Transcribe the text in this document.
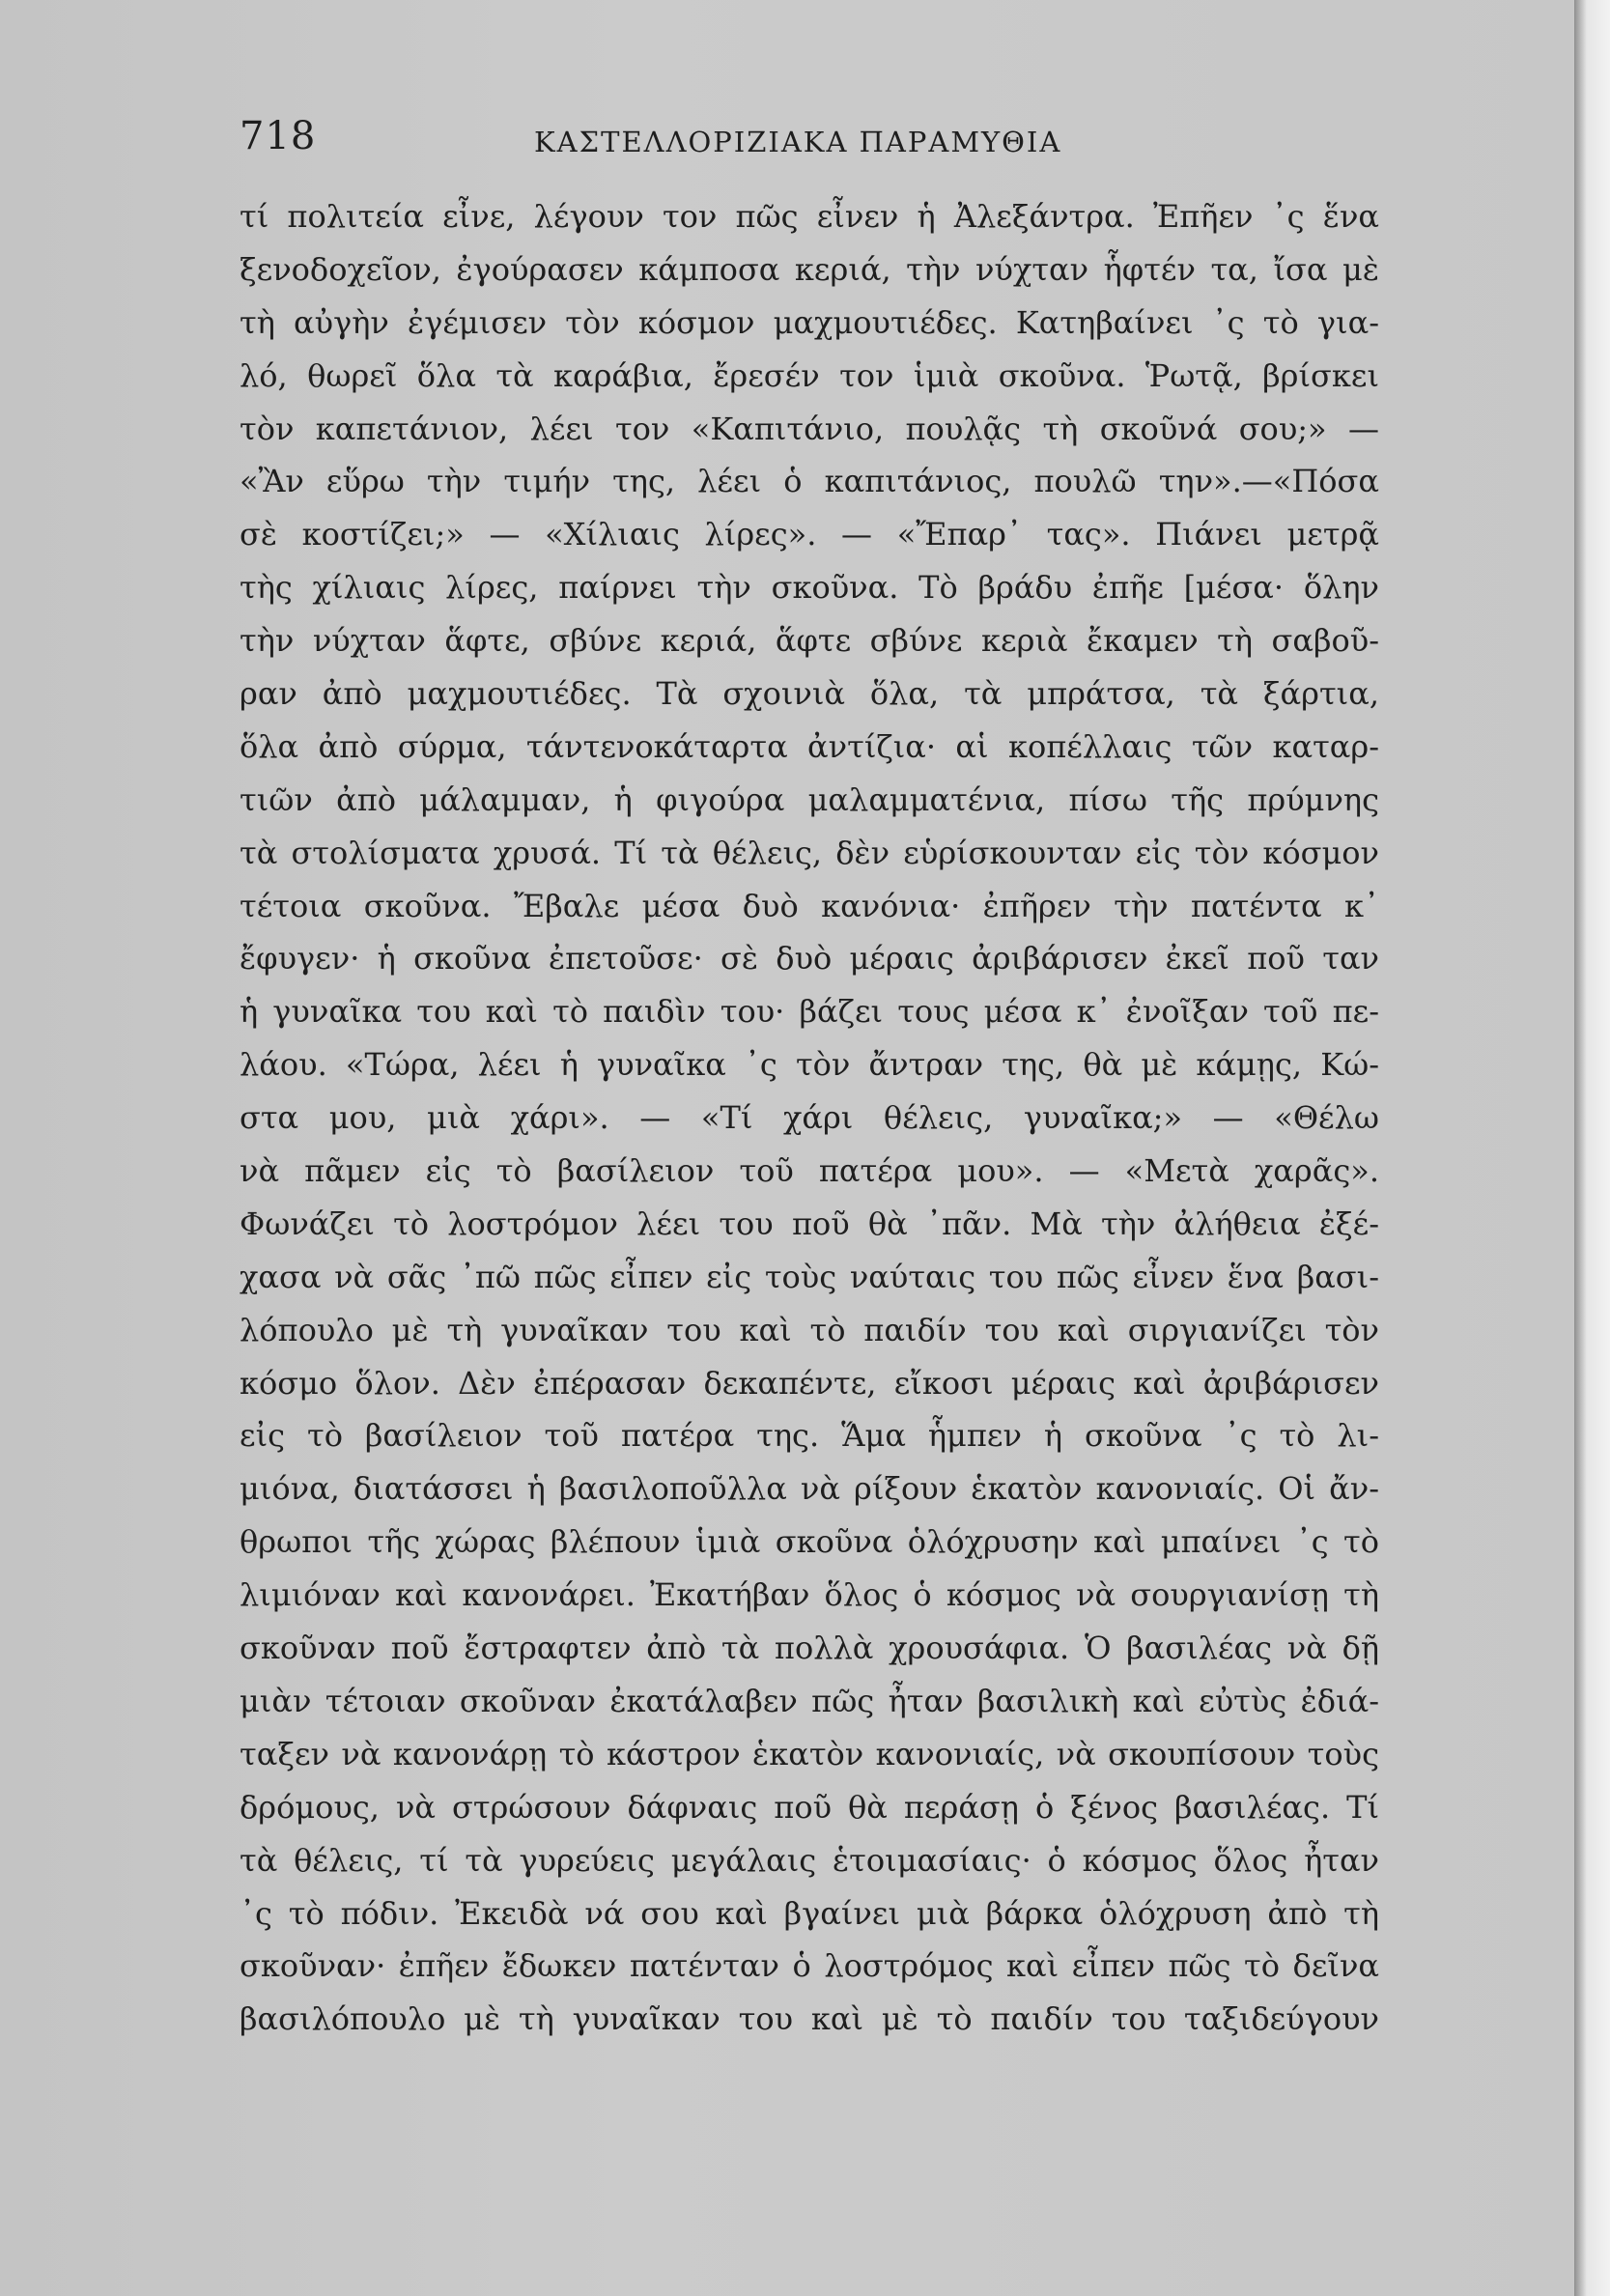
718	ΚΑΣΤΕΛΛΟΡΙΖΙΑΚΑ ΠΑΡΑΜΥΘΙΑ
τί πολιτεία εἶνε, λέγουν τον πῶς εἶνεν ἡ Ἀλεξάντρα. Ἐπῆεν ᾽ς ἕνα
ξενοδοχεῖον, ἐγούρασεν κάμποσα κεριά, τὴν νύχταν ἧφτέν τα, ἴσα μὲ
τὴ αὐγὴν ἐγέμισεν τὸν κόσμον μαχμουτιέδες. Κατηβαίνει ᾽ς τὸ για-
λό, θωρεῖ ὅλα τὰ καράβια, ἔρεσέν τον ἱμιὰ σκοῦνα. Ῥωτᾷ, βρίσκει
τὸν καπετάνιον, λέει τον «Καπιτάνιο, πουλᾷς τὴ σκοῦνά σου;» —
«Ἂν εὕρω τὴν τιμήν της, λέει ὁ καπιτάνιος, πουλῶ την».—«Πόσα
σὲ κοστίζει;» — «Χίλιαις λίρες». — «Ἔπαρ᾽ τας». Πιάνει μετρᾷ
τὴς χίλιαις λίρες, παίρνει τὴν σκοῦνα. Τὸ βράδυ ἐπῆε [μέσα· ὅλην
τὴν νύχταν ἅφτε, σβύνε κεριά, ἅφτε σβύνε κεριὰ ἔκαμεν τὴ σαβοῦ-
ραν ἀπὸ μαχμουτιέδες. Τὰ σχοινιὰ ὅλα, τὰ μπράτσα, τὰ ξάρτια,
ὅλα ἀπὸ σύρμα, τάντενοκάταρτα ἀντίζια· αἱ κοπέλλαις τῶν καταρ-
τιῶν ἀπὸ μάλαμμαν, ἡ φιγούρα μαλαμματένια, πίσω τῆς πρύμνης
τὰ στολίσματα χρυσά. Τί τὰ θέλεις, δὲν εὑρίσκουνταν εἰς τὸν κόσμον
τέτοια σκοῦνα. Ἔβαλε μέσα δυὸ κανόνια· ἐπῆρεν τὴν πατέντα κ᾽
ἔφυγεν· ἡ σκοῦνα ἐπετοῦσε· σὲ δυὸ μέραις ἀριβάρισεν ἐκεῖ ποῦ ταν
ἡ γυναῖκα του καὶ τὸ παιδὶν του· βάζει τους μέσα κ᾽ ἐνοῖξαν τοῦ πε-
λάου. «Τώρα, λέει ἡ γυναῖκα ᾽ς τὸν ἄντραν της, θὰ μὲ κάμῃς, Κώ-
στα μου, μιὰ χάρι». — «Τί χάρι θέλεις, γυναῖκα;» — «Θέλω
νὰ πᾶμεν εἰς τὸ βασίλειον τοῦ πατέρα μου». — «Μετὰ χαρᾶς».
Φωνάζει τὸ λοστρόμον λέει του ποῦ θὰ ᾽πᾶν. Μὰ τὴν ἀλήθεια ἐξέ-
χασα νὰ σᾶς ᾽πῶ πῶς εἶπεν εἰς τοὺς ναύταις του πῶς εἶνεν ἕνα βασι-
λόπουλο μὲ τὴ γυναῖκαν του καὶ τὸ παιδίν του καὶ σιργιανίζει τὸν
κόσμο ὅλον. Δὲν ἐπέρασαν δεκαπέντε, εἴκοσι μέραις καὶ ἀριβάρισεν
εἰς τὸ βασίλειον τοῦ πατέρα της. Ἅμα ἧμπεν ἡ σκοῦνα ᾽ς τὸ λι-
μιόνα, διατάσσει ἡ βασιλοποῦλλα νὰ ρίξουν ἑκατὸν κανονιαίς. Οἱ ἄν-
θρωποι τῆς χώρας βλέπουν ἱμιὰ σκοῦνα ὁλόχρυσην καὶ μπαίνει ᾽ς τὸ
λιμιόναν καὶ κανονάρει. Ἐκατήβαν ὅλος ὁ κόσμος νὰ σουργιανίσῃ τὴ
σκοῦναν ποῦ ἔστραφτεν ἀπὸ τὰ πολλὰ χρουσάφια. Ὁ βασιλέας νὰ δῇ
μιὰν τέτοιαν σκοῦναν ἐκατάλαβεν πῶς ἦταν βασιλικὴ καὶ εὐτὺς ἐδιά-
ταξεν νὰ κανονάρῃ τὸ κάστρον ἑκατὸν κανονιαίς, νὰ σκουπίσουν τοὺς
δρόμους, νὰ στρώσουν δάφναις ποῦ θὰ περάσῃ ὁ ξένος βασιλέας. Τί
τὰ θέλεις, τί τὰ γυρεύεις μεγάλαις ἑτοιμασίαις· ὁ κόσμος ὅλος ἦταν
᾽ς τὸ πόδιν. Ἐκειδὰ νά σου καὶ βγαίνει μιὰ βάρκα ὁλόχρυση ἀπὸ τὴ
σκοῦναν· ἐπῆεν ἔδωκεν πατένταν ὁ λοστρόμος καὶ εἶπεν πῶς τὸ δεῖνα
βασιλόπουλο μὲ τὴ γυναῖκαν του καὶ μὲ τὸ παιδίν του ταξιδεύγουν
